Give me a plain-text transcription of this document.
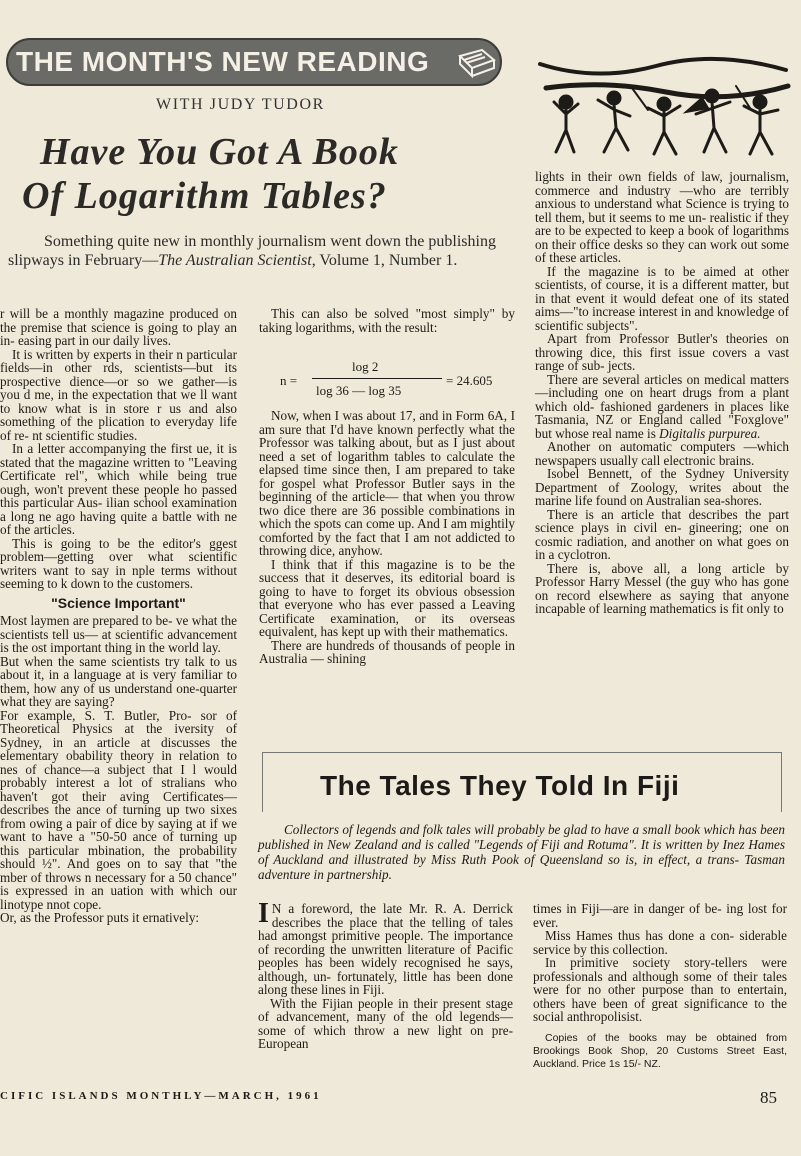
THE MONTH'S NEW READING
WITH JUDY TUDOR
Have You Got A Book
Of Logarithm Tables?

Something quite new in monthly journalism went down the publishing slipways in February—The Australian Scientist, Volume 1, Number 1.

r will be a monthly magazine produced on the premise that science is going to play an in- easing part in our daily lives.

It is written by experts in their n particular fields—in other rds, scientists—but its prospective dience—or so we gather—is you d me, in the expectation that we ll want to know what is in store r us and also something of the plication to everyday life of re- nt scientific studies.

In a letter accompanying the first ue, it is stated that the magazine written to "Leaving Certificate rel", which while being true ough, won't prevent these people ho passed this particular Aus- ilian school examination a long ne ago having quite a battle with ne of the articles.

This is going to be the editor's ggest problem—getting over what scientific writers want to say in nple terms without seeming to k down to the customers.

"Science Important"

Most laymen are prepared to be- ve what the scientists tell us— at scientific advancement is the ost important thing in the world lay.

But when the same scientists try talk to us about it, in a language at is very familiar to them, how any of us understand one-quarter what they are saying?

For example, S. T. Butler, Pro- sor of Theoretical Physics at the iversity of Sydney, in an article at discusses the elementary obability theory in relation to nes of chance—a subject that I l would probably interest a lot of stralians who haven't got their aving Certificates—describes the ance of turning up two sixes from owing a pair of dice by saying at if we want to have a "50-50 ance of turning up this particular mbination, the probability should ½". And goes on to say that "the mber of throws n necessary for a 50 chance" is expressed in an uation with which our linotype nnot cope.

Or, as the Professor puts it ernatively:

This can also be solved "most simply" by taking logarithms, with the result:

n =
log 2
log 36 — log 35
= 24.605

Now, when I was about 17, and in Form 6A, I am sure that I'd have known perfectly what the Professor was talking about, but as I just about need a set of logarithm tables to calculate the elapsed time since then, I am prepared to take for gospel what Professor Butler says in the beginning of the article— that when you throw two dice there are 36 possible combinations in which the spots can come up. And I am mightily comforted by the fact that I am not addicted to throwing dice, anyhow.

I think that if this magazine is to be the success that it deserves, its editorial board is going to have to forget its obvious obsession that everyone who has ever passed a Leaving Certificate examination, or its overseas equivalent, has kept up with their mathematics.

There are hundreds of thousands of people in Australia — shining

lights in their own fields of law, journalism, commerce and industry —who are terribly anxious to understand what Science is trying to tell them, but it seems to me un- realistic if they are to be expected to keep a book of logarithms on their office desks so they can work out some of these articles.

If the magazine is to be aimed at other scientists, of course, it is a different matter, but in that event it would defeat one of its stated aims—"to increase interest in and knowledge of scientific subjects".

Apart from Professor Butler's theories on throwing dice, this first issue covers a vast range of sub- jects.

There are several articles on medical matters—including one on heart drugs from a plant which old- fashioned gardeners in places like Tasmania, NZ or England called "Foxglove" but whose real name is Digitalis purpurea.

Another on automatic computers —which newspapers usually call electronic brains.

Isobel Bennett, of the Sydney University Department of Zoology, writes about the marine life found on Australian sea-shores.

There is an article that describes the part science plays in civil en- gineering; one on cosmic radiation, and another on what goes on in a cyclotron.

There is, above all, a long article by Professor Harry Messel (the guy who has gone on record elsewhere as saying that anyone incapable of learning mathematics is fit only to

The Tales They Told In Fiji

Collectors of legends and folk tales will probably be glad to have a small book which has been published in New Zealand and is called "Legends of Fiji and Rotuma". It is written by Inez Hames of Auckland and illustrated by Miss Ruth Pook of Queensland so is, in effect, a trans- Tasman adventure in partnership.

I N a foreword, the late Mr. R. A. Derrick describes the place that the telling of tales had amongst primitive people. The importance of recording the unwritten literature of Pacific peoples has been widely recognised he says, although, un- fortunately, little has been done along these lines in Fiji.

With the Fijian people in their present stage of advancement, many of the old legends—some of which throw a new light on pre-European

times in Fiji—are in danger of be- ing lost for ever.

Miss Hames thus has done a con- siderable service by this collection.

In primitive society story-tellers were professionals and although some of their tales were for no other purpose than to entertain, others have been of great significance to the social anthropolisist.

Copies of the books may be obtained from Brookings Book Shop, 20 Customs Street East, Auckland. Price 1s 15/- NZ.

CIFIC ISLANDS MONTHLY—MARCH, 1961	85
